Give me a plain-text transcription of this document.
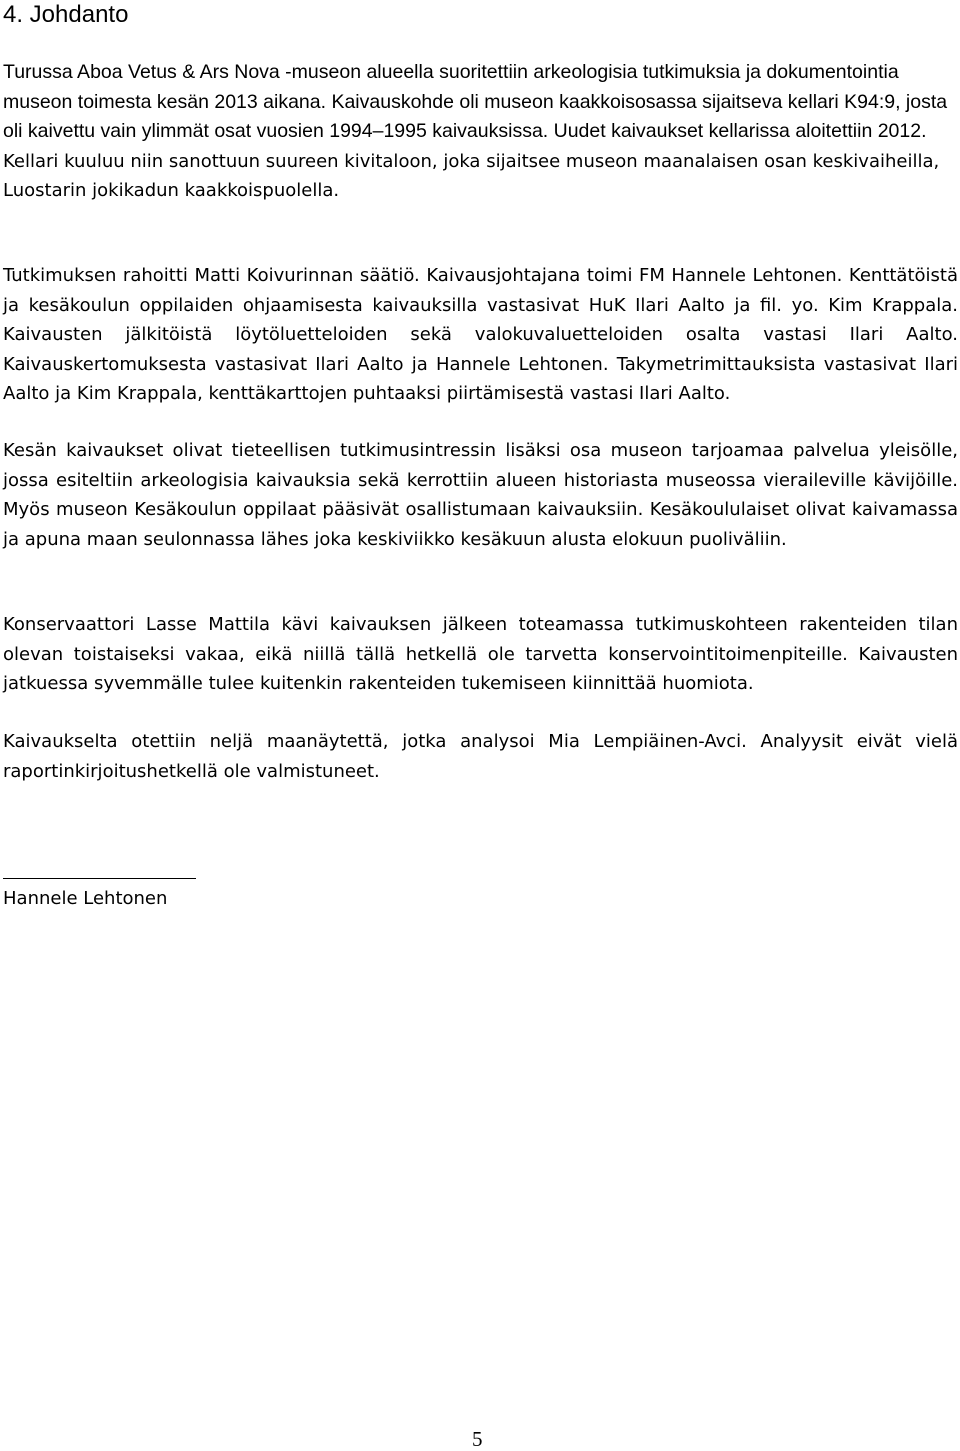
4. Johdanto

Turussa Aboa Vetus & Ars Nova -museon alueella suoritettiin arkeologisia tutkimuksia ja dokumentointia museon toimesta kesän 2013 aikana. Kaivauskohde oli museon kaakkoisosassa sijaitseva kellari K94:9, josta oli kaivettu vain ylimmät osat vuosien 1994–1995 kaivauksissa. Uudet kaivaukset kellarissa aloitettiin 2012. Kellari kuuluu niin sanottuun suureen kivitaloon, joka sijaitsee museon maanalaisen osan keskivaiheilla, Luostarin jokikadun kaakkoispuolella.

Tutkimuksen rahoitti Matti Koivurinnan säätiö. Kaivausjohtajana toimi FM Hannele Lehtonen. Kenttätöistä ja kesäkoulun oppilaiden ohjaamisesta kaivauksilla vastasivat HuK Ilari Aalto ja fil. yo. Kim Krappala. Kaivausten jälkitöistä löytöluetteloiden sekä valokuvaluetteloiden osalta vastasi Ilari Aalto. Kaivauskertomuksesta vastasivat Ilari Aalto ja Hannele Lehtonen. Takymetrimittauksista vastasivat Ilari Aalto ja Kim Krappala, kenttäkarttojen puhtaaksi piirtämisestä vastasi Ilari Aalto.

Kesän kaivaukset olivat tieteellisen tutkimusintressin lisäksi osa museon tarjoamaa palvelua yleisölle, jossa esiteltiin arkeologisia kaivauksia sekä kerrottiin alueen historiasta museossa vieraileville kävijöille. Myös museon Kesäkoulun oppilaat pääsivät osallistumaan kaivauksiin. Kesäkoululaiset olivat kaivamassa ja apuna maan seulonnassa lähes joka keskiviikko kesäkuun alusta elokuun puoliväliin.

Konservaattori Lasse Mattila kävi kaivauksen jälkeen toteamassa tutkimuskohteen rakenteiden tilan olevan toistaiseksi vakaa, eikä niillä tällä hetkellä ole tarvetta konservointitoimenpiteille. Kaivausten jatkuessa syvemmälle tulee kuitenkin rakenteiden tukemiseen kiinnittää huomiota.

Kaivaukselta otettiin neljä maanäytettä, jotka analysoi Mia Lempiäinen-Avci. Analyysit eivät vielä raportinkirjoitushetkellä ole valmistuneet.

Hannele Lehtonen

5
